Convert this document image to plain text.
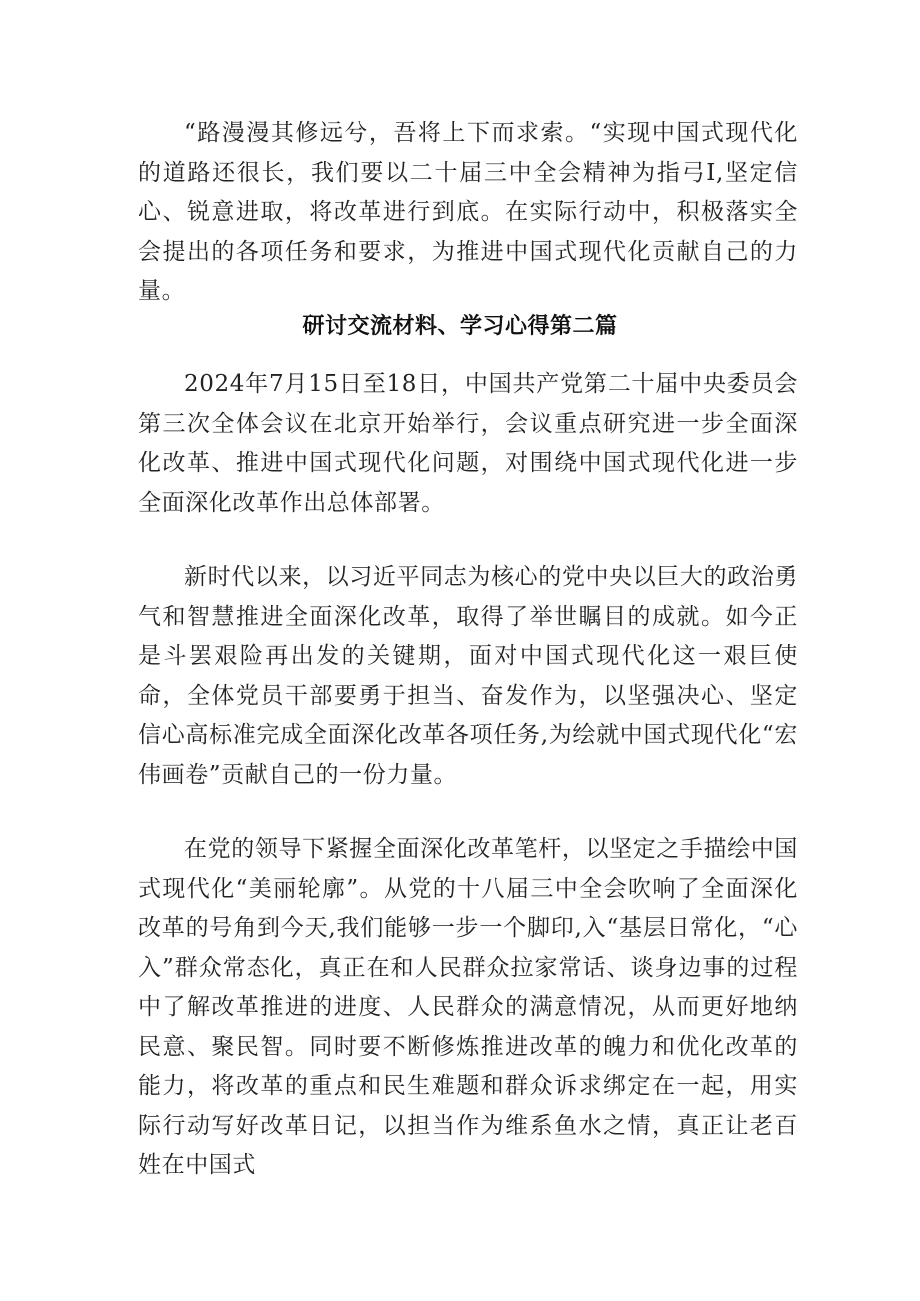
“路漫漫其修远兮，吾将上下而求索。“实现中国式现代化的道路还很长，我们要以二十届三中全会精神为指弓I,坚定信心、锐意进取，将改革进行到底。在实际行动中，积极落实全会提出的各项任务和要求，为推进中国式现代化贡献自己的力量。

研讨交流材料、学习心得第二篇

2024年7月15日至18日，中国共产党第二十届中央委员会第三次全体会议在北京开始举行，会议重点研究进一步全面深化改革、推进中国式现代化问题，对围绕中国式现代化进一步全面深化改革作出总体部署。

新时代以来，以习近平同志为核心的党中央以巨大的政治勇气和智慧推进全面深化改革，取得了举世瞩目的成就。如今正是斗罢艰险再出发的关键期，面对中国式现代化这一艰巨使命，全体党员干部要勇于担当、奋发作为，以坚强决心、坚定信心高标准完成全面深化改革各项任务,为绘就中国式现代化“宏伟画卷”贡献自己的一份力量。

在党的领导下紧握全面深化改革笔杆，以坚定之手描绘中国式现代化“美丽轮廓”。从党的十八届三中全会吹响了全面深化改革的号角到今天,我们能够一步一个脚印,入“基层日常化，“心入”群众常态化，真正在和人民群众拉家常话、谈身边事的过程中了解改革推进的进度、人民群众的满意情况，从而更好地纳民意、聚民智。同时要不断修炼推进改革的魄力和优化改革的能力，将改革的重点和民生难题和群众诉求绑定在一起，用实际行动写好改革日记，以担当作为维系鱼水之情，真正让老百姓在中国式
